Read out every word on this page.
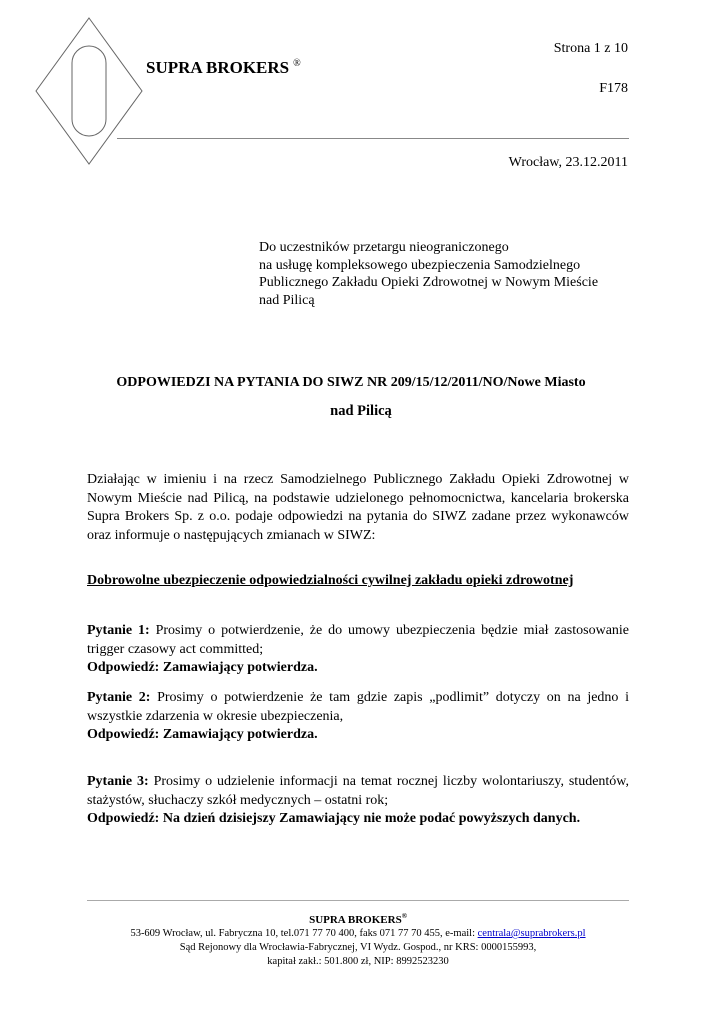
SUPRA BROKERS ®
Strona 1 z 10
F178
Wrocław, 23.12.2011
Do uczestników przetargu nieograniczonego
na usługę kompleksowego ubezpieczenia Samodzielnego
Publicznego Zakładu Opieki Zdrowotnej w Nowym Mieście
nad Pilicą
ODPOWIEDZI NA PYTANIA DO SIWZ NR 209/15/12/2011/NO/Nowe Miasto
nad Pilicą
Działając w imieniu i na rzecz Samodzielnego Publicznego Zakładu Opieki Zdrowotnej w Nowym Mieście nad Pilicą, na podstawie udzielonego pełnomocnictwa, kancelaria brokerska Supra Brokers Sp. z o.o. podaje odpowiedzi na pytania do SIWZ zadane przez wykonawców oraz informuje o następujących zmianach w SIWZ:
Dobrowolne ubezpieczenie odpowiedzialności cywilnej zakładu opieki zdrowotnej
Pytanie 1: Prosimy o potwierdzenie, że do umowy ubezpieczenia będzie miał zastosowanie trigger czasowy act committed;
Odpowiedź: Zamawiający potwierdza.
Pytanie 2: Prosimy o potwierdzenie że tam gdzie zapis „podlimit” dotyczy on na jedno i wszystkie zdarzenia w okresie ubezpieczenia,
Odpowiedź: Zamawiający potwierdza.
Pytanie 3: Prosimy o udzielenie informacji na temat rocznej liczby wolontariuszy, studentów, stażystów, słuchaczy szkół medycznych – ostatni rok;
Odpowiedź: Na dzień dzisiejszy Zamawiający nie może podać powyższych danych.
SUPRA BROKERS®
53-609 Wrocław, ul. Fabryczna 10, tel.071 77 70 400, faks 071 77 70 455, e-mail: centrala@suprabrokers.pl
Sąd Rejonowy dla Wrocławia-Fabrycznej, VI Wydz. Gospod., nr KRS: 0000155993,
kapitał zakł.: 501.800 zł, NIP: 8992523230
